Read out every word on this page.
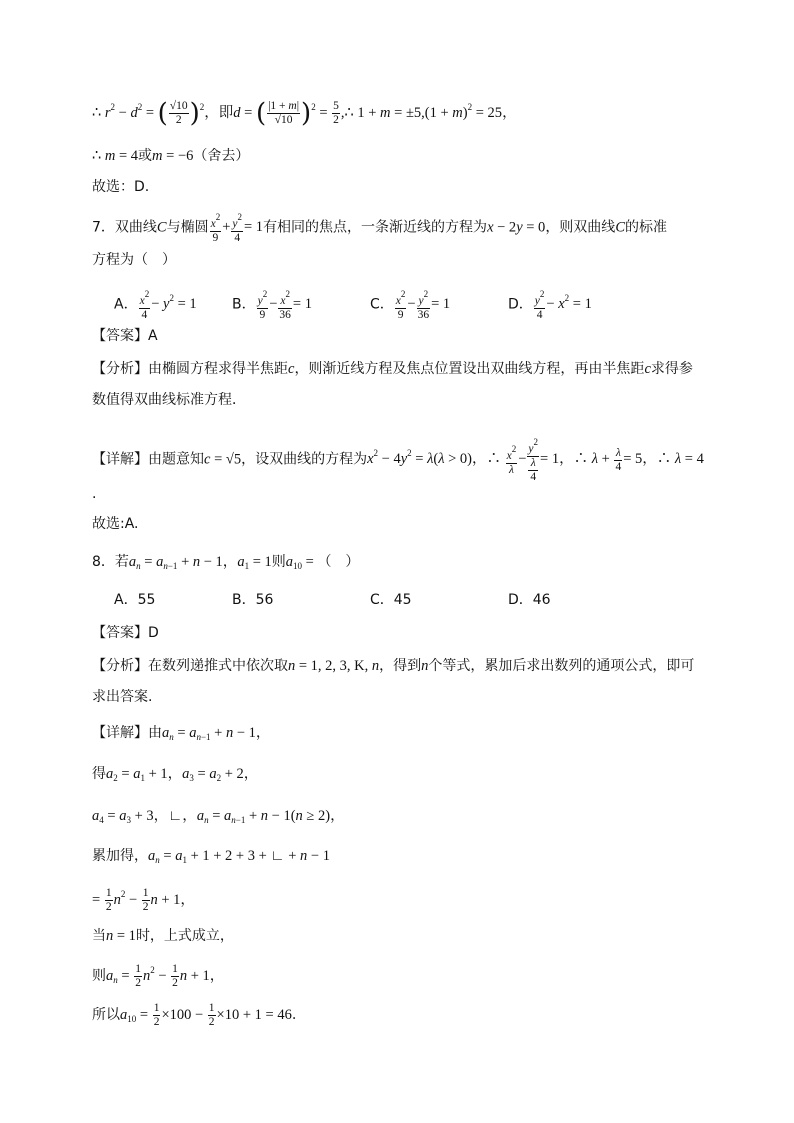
∴ $r^2 - d^2$ = ( $\frac{√10}{2} )^2$，即d = ( $\frac{|1 + m|}{√10} )^2 = \frac{5}{2}$ ,∴ $1 + m = \pm 5,(1 + m)^2 = 25$，
∴ m = 4或m = −6（舍去）
故选：D.
7．双曲线C与椭圆 $\frac{x^2}{9} + \frac{y^2}{4} = 1$有相同的焦点，一条渐近线的方程为x − 2y = 0，则双曲线C的标准
方程为（　）
A． $\frac{x^2}{4} - y^2 = 1$	B． $\frac{y^2}{9} - \frac{x^2}{36} = 1$	C． $\frac{x^2}{9} - \frac{y^2}{36} = 1$	D． $\frac{y^2}{4} - x^2 = 1$
【答案】A
【分析】由椭圆方程求得半焦距c，则渐近线方程及焦点位置设出双曲线方程，再由半焦距c求得参
数值得双曲线标准方程．
【详解】由题意知c = √5，设双曲线的方程为$x^2 - 4y^2 = \lambda(\lambda > 0)$，∴ $\frac{x^2}{\lambda} - y^2$
λ
4 = 1，∴ $\lambda + \frac{\lambda}{4} = 5$，∴ λ = 4
.
故选:A.
8．若$a_n = a_{n-1} + n - 1$，$a_1 = 1$则$a_{10}$ = （　）
A．55	B．56	C．45	D．46
【答案】D
【分析】在数列递推式中依次取n = 1, 2, 3, K, n，得到n个等式，累加后求出数列的通项公式，即可
求出答案.
【详解】由$a_n = a_{n-1} + n - 1$，
得$a_2 = a_1 + 1$，$a_3 = a_2 + 2$，
$a_4 = a_3 + 3$，∟，$a_n = a_{n-1} + n - 1(n \ge 2)$，
累加得，$a_n = a_1 + 1 + 2 + 3$ + ∟ + n − 1
= $\frac{1}{2} n^2 - \frac{1}{2}$ n + 1，
当n = 1时，上式成立，
则$a_n = \frac{1}{2} n^2 - \frac{1}{2}$ n + 1，
所以$a_{10} = \frac{1}{2} \times 100 - \frac{1}{2} \times 10 + 1 = 46$．
